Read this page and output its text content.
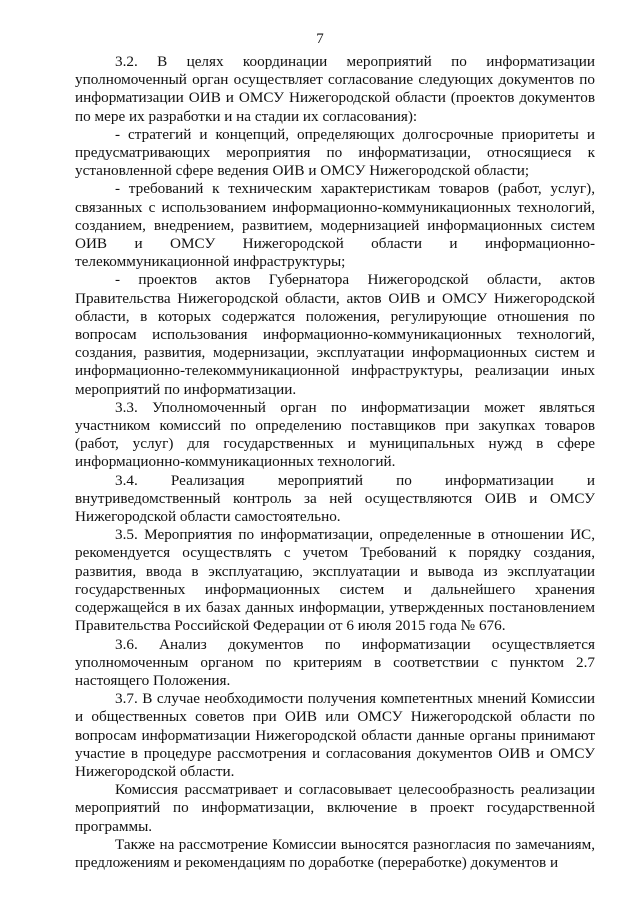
7

3.2. В целях координации мероприятий по информатизации уполномоченный орган осуществляет согласование следующих документов по информатизации ОИВ и ОМСУ Нижегородской области (проектов документов по мере их разработки и на стадии их согласования):

- стратегий и концепций, определяющих долгосрочные приоритеты и предусматривающих мероприятия по информатизации, относящиеся к установленной сфере ведения ОИВ и ОМСУ Нижегородской области;

- требований к техническим характеристикам товаров (работ, услуг), связанных с использованием информационно-коммуникационных технологий, созданием, внедрением, развитием, модернизацией информационных систем ОИВ и ОМСУ Нижегородской области и информационно-телекоммуникационной инфраструктуры;

- проектов актов Губернатора Нижегородской области, актов Правительства Нижегородской области, актов ОИВ и ОМСУ Нижегородской области, в которых содержатся положения, регулирующие отношения по вопросам использования информационно-коммуникационных технологий, создания, развития, модернизации, эксплуатации информационных систем и информационно-телекоммуникационной инфраструктуры, реализации иных мероприятий по информатизации.

3.3. Уполномоченный орган по информатизации может являться участником комиссий по определению поставщиков при закупках товаров (работ, услуг) для государственных и муниципальных нужд в сфере информационно-коммуникационных технологий.

3.4. Реализация мероприятий по информатизации и внутриведомственный контроль за ней осуществляются ОИВ и ОМСУ Нижегородской области самостоятельно.

3.5. Мероприятия по информатизации, определенные в отношении ИС, рекомендуется осуществлять с учетом Требований к порядку создания, развития, ввода в эксплуатацию, эксплуатации и вывода из эксплуатации государственных информационных систем и дальнейшего хранения содержащейся в их базах данных информации, утвержденных постановлением Правительства Российской Федерации от 6 июля 2015 года № 676.

3.6. Анализ документов по информатизации осуществляется уполномоченным органом по критериям в соответствии с пунктом 2.7 настоящего Положения.

3.7. В случае необходимости получения компетентных мнений Комиссии и общественных советов при ОИВ или ОМСУ Нижегородской области по вопросам информатизации Нижегородской области данные органы принимают участие в процедуре рассмотрения и согласования документов ОИВ и ОМСУ Нижегородской области.

Комиссия рассматривает и согласовывает целесообразность реализации мероприятий по информатизации, включение в проект государственной программы.

Также на рассмотрение Комиссии выносятся разногласия по замечаниям, предложениям и рекомендациям по доработке (переработке) документов и
